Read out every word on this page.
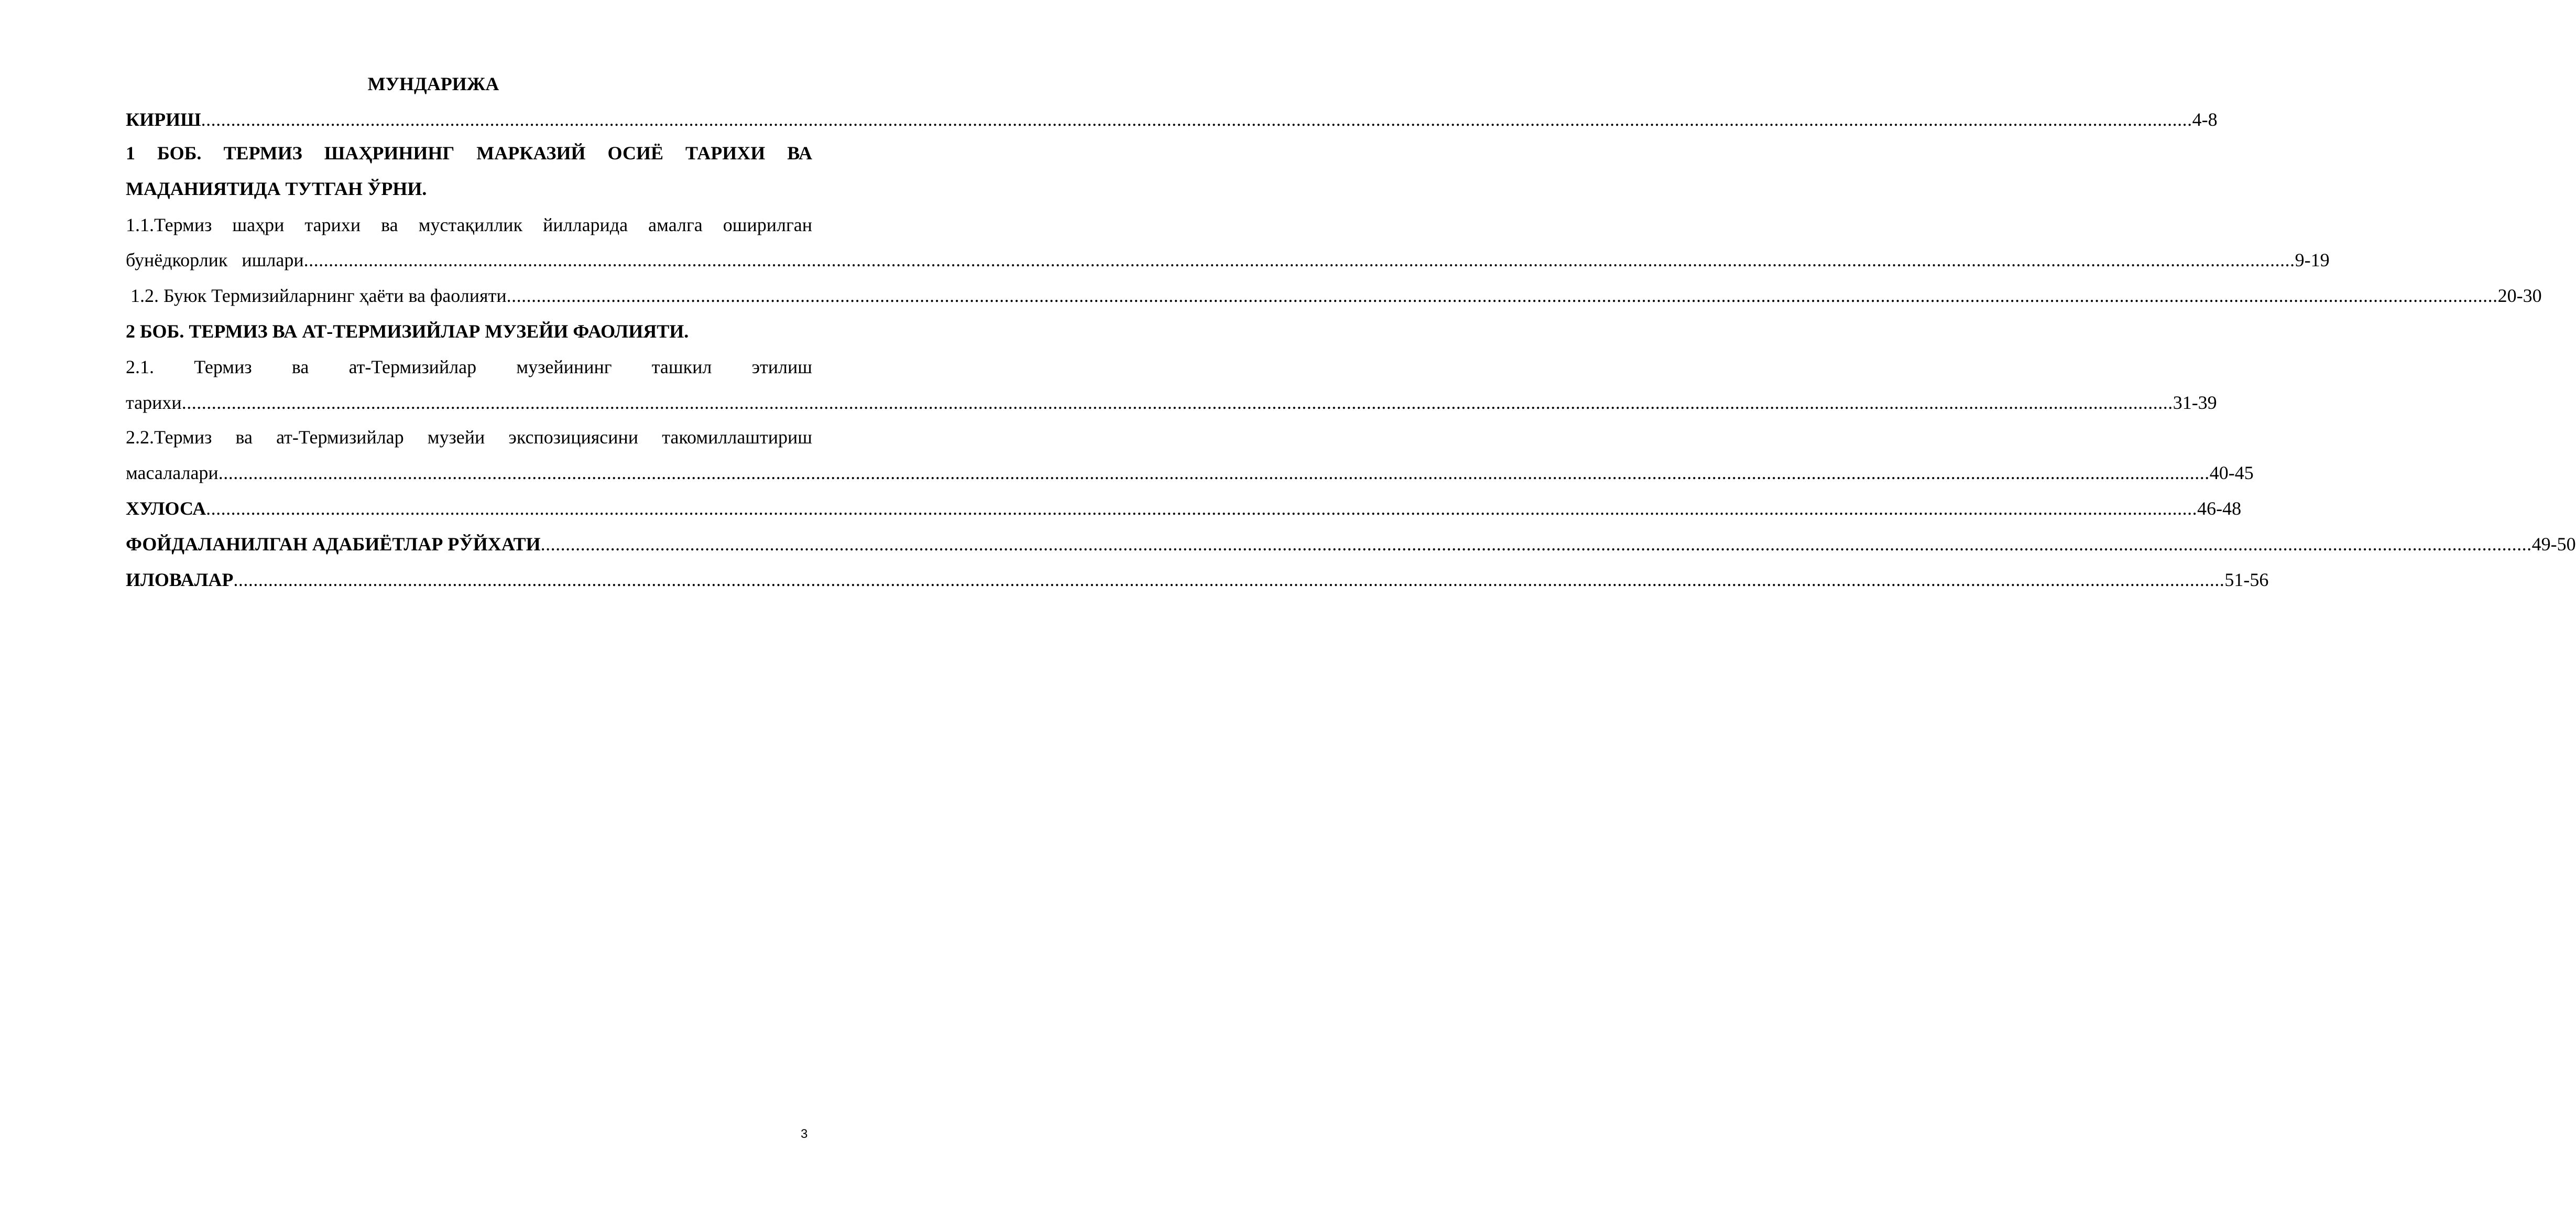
МУНДАРИЖА
КИРИШ ................................................................................................................................................................................................................................................................................................................................................................................................................ 4-8
1 БОБ. ТЕРМИЗ ШАҲРИНИНГ МАРКАЗИЙ ОСИЁ ТАРИХИ ВА
МАДАНИЯТИДА ТУТГАН ЎРНИ.
1.1.Термиз шаҳри тарихи ва мустақиллик йилларида амалга оширилган
бунёдкорлик   ишлари ................................................................................................................................................................................................................................................................................................................................................................................................................ 9-19
1.2. Буюк Термизийларнинг ҳаёти ва фаолияти ................................................................................................................................................................................................................................................................................................................................................................................................................ 20-30
2 БОБ. ТЕРМИЗ ВА АТ-ТЕРМИЗИЙЛАР МУЗЕЙИ ФАОЛИЯТИ.
2.1. Термиз ва ат-Термизийлар музейининг ташкил этилиш
тарихи ................................................................................................................................................................................................................................................................................................................................................................................................................ 31-39
2.2.Термиз ва ат-Термизийлар музейи экспозициясини такомиллаштириш
масалалари ................................................................................................................................................................................................................................................................................................................................................................................................................ 40-45
ХУЛОСА ................................................................................................................................................................................................................................................................................................................................................................................................................ 46-48
ФОЙДАЛАНИЛГАН АДАБИЁТЛАР РЎЙХАТИ ................................................................................................................................................................................................................................................................................................................................................................................................................ 49-50
ИЛОВАЛАР ................................................................................................................................................................................................................................................................................................................................................................................................................ 51-56
3
